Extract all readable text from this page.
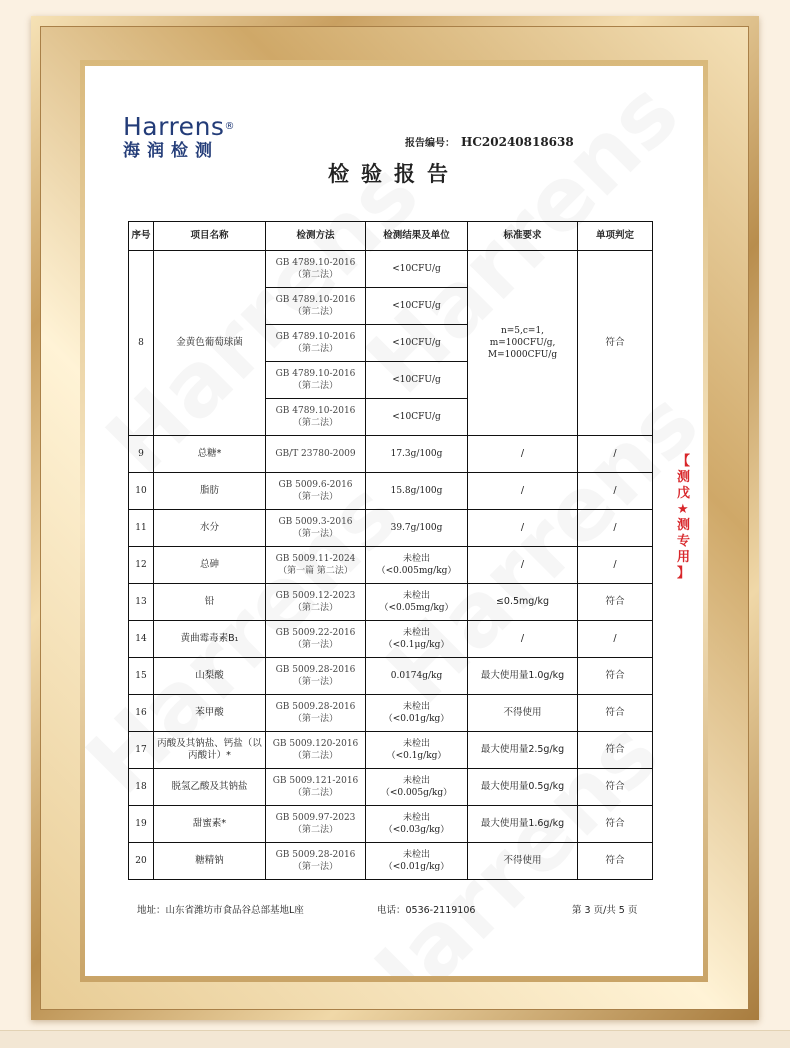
Harrens®
海润检测	报告编号： HC20240818638
检验报告
序号	项目名称	检测方法	检测结果及单位	标准要求	单项判定
8	金黄色葡萄球菌	GB 4789.10-2016
（第二法）	<10CFU/g	n=5,c=1,
m=100CFU/g,
M=1000CFU/g	符合

		GB 4789.10-2016
（第二法）	<10CFU/g		

		GB 4789.10-2016
（第二法）	<10CFU/g		

		GB 4789.10-2016
（第二法）	<10CFU/g		

		GB 4789.10-2016
（第二法）	<10CFU/g		
9	总糖*	GB/T 23780-2009	17.3g/100g	/	/
10	脂肪	GB 5009.6-2016
（第一法）	15.8g/100g	/	/
11	水分	GB 5009.3-2016
（第一法）	39.7g/100g	/	/
12	总砷	GB 5009.11-2024
（第一篇 第二法）	未检出
（<0.005mg/kg）	/	/
13	铅	GB 5009.12-2023
（第二法）	未检出
（<0.05mg/kg）	≤0.5mg/kg	符合
14	黄曲霉毒素B₁	GB 5009.22-2016
（第一法）	未检出
（<0.1μg/kg）	/	/
15	山梨酸	GB 5009.28-2016
（第一法）	0.0174g/kg	最大使用量1.0g/kg	符合
16	苯甲酸	GB 5009.28-2016
（第一法）	未检出
（<0.01g/kg）	不得使用	符合
17	丙酸及其钠盐、钙盐（以丙酸计）*	GB 5009.120-2016
（第二法）	未检出
（<0.1g/kg）	最大使用量2.5g/kg	符合
18	脱氢乙酸及其钠盐	GB 5009.121-2016
（第二法）	未检出
（<0.005g/kg）	最大使用量0.5g/kg	符合
19	甜蜜素*	GB 5009.97-2023
（第二法）	未检出
（<0.03g/kg）	最大使用量1.6g/kg	符合
20	糖精钠	GB 5009.28-2016
（第一法）	未检出
（<0.01g/kg）	不得使用	符合
地址：山东省潍坊市食品谷总部基地L座	电话：0536-2119106	第 3 页/共 5 页
【
测
戊
★
测
专
用
】
